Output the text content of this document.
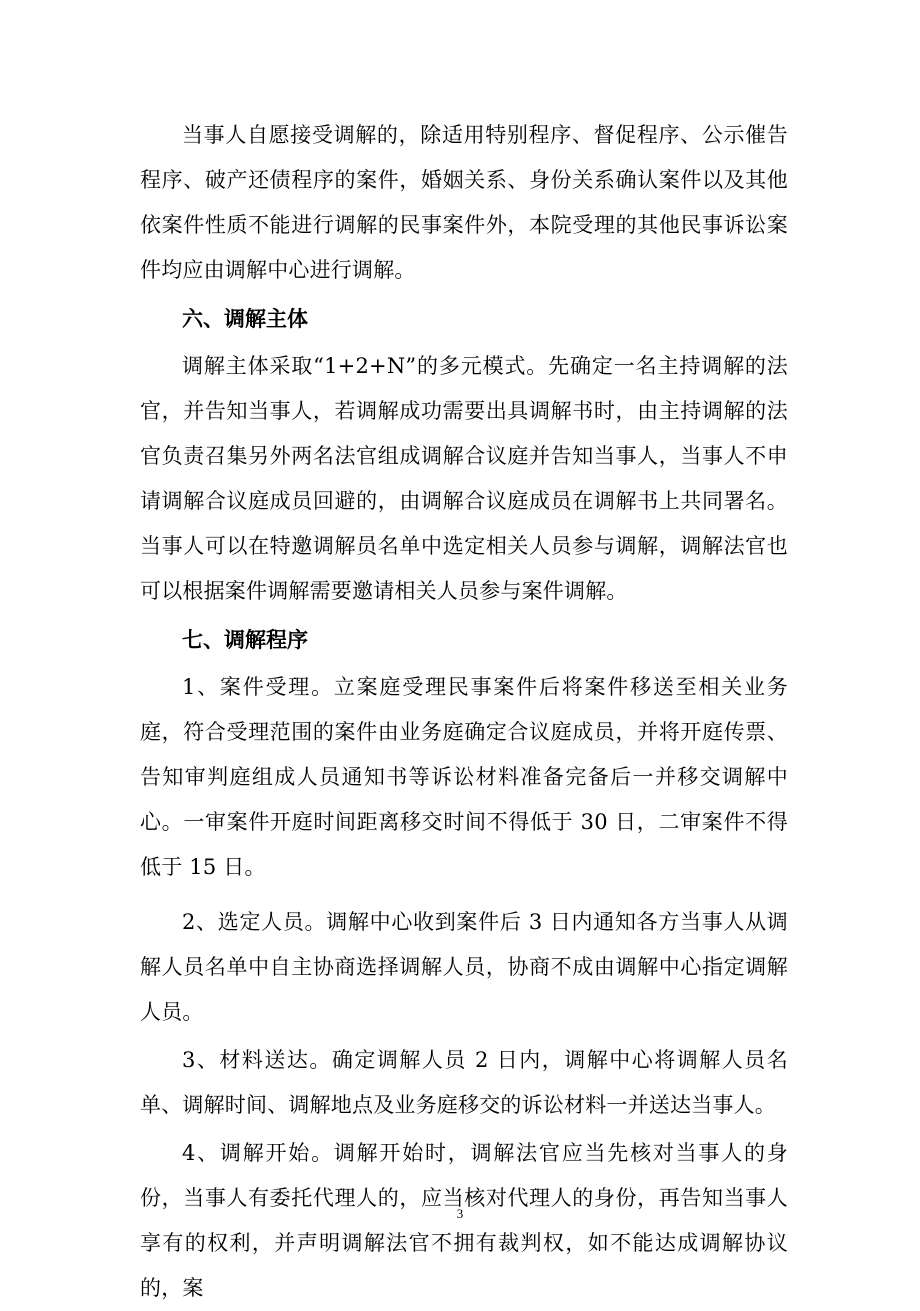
当事人自愿接受调解的，除适用特别程序、督促程序、公示催告程序、破产还债程序的案件，婚姻关系、身份关系确认案件以及其他依案件性质不能进行调解的民事案件外，本院受理的其他民事诉讼案件均应由调解中心进行调解。

六、调解主体

调解主体采取“1+2+N”的多元模式。先确定一名主持调解的法官，并告知当事人，若调解成功需要出具调解书时，由主持调解的法官负责召集另外两名法官组成调解合议庭并告知当事人，当事人不申请调解合议庭成员回避的，由调解合议庭成员在调解书上共同署名。当事人可以在特邀调解员名单中选定相关人员参与调解，调解法官也可以根据案件调解需要邀请相关人员参与案件调解。

七、调解程序

1、案件受理。立案庭受理民事案件后将案件移送至相关业务庭，符合受理范围的案件由业务庭确定合议庭成员，并将开庭传票、告知审判庭组成人员通知书等诉讼材料准备完备后一并移交调解中心。一审案件开庭时间距离移交时间不得低于 30 日，二审案件不得低于 15 日。

2、选定人员。调解中心收到案件后 3 日内通知各方当事人从调解人员名单中自主协商选择调解人员，协商不成由调解中心指定调解人员。

3、材料送达。确定调解人员 2 日内，调解中心将调解人员名单、调解时间、调解地点及业务庭移交的诉讼材料一并送达当事人。

4、调解开始。调解开始时，调解法官应当先核对当事人的身份，当事人有委托代理人的，应当核对代理人的身份，再告知当事人享有的权利，并声明调解法官不拥有裁判权，如不能达成调解协议的，案

3
